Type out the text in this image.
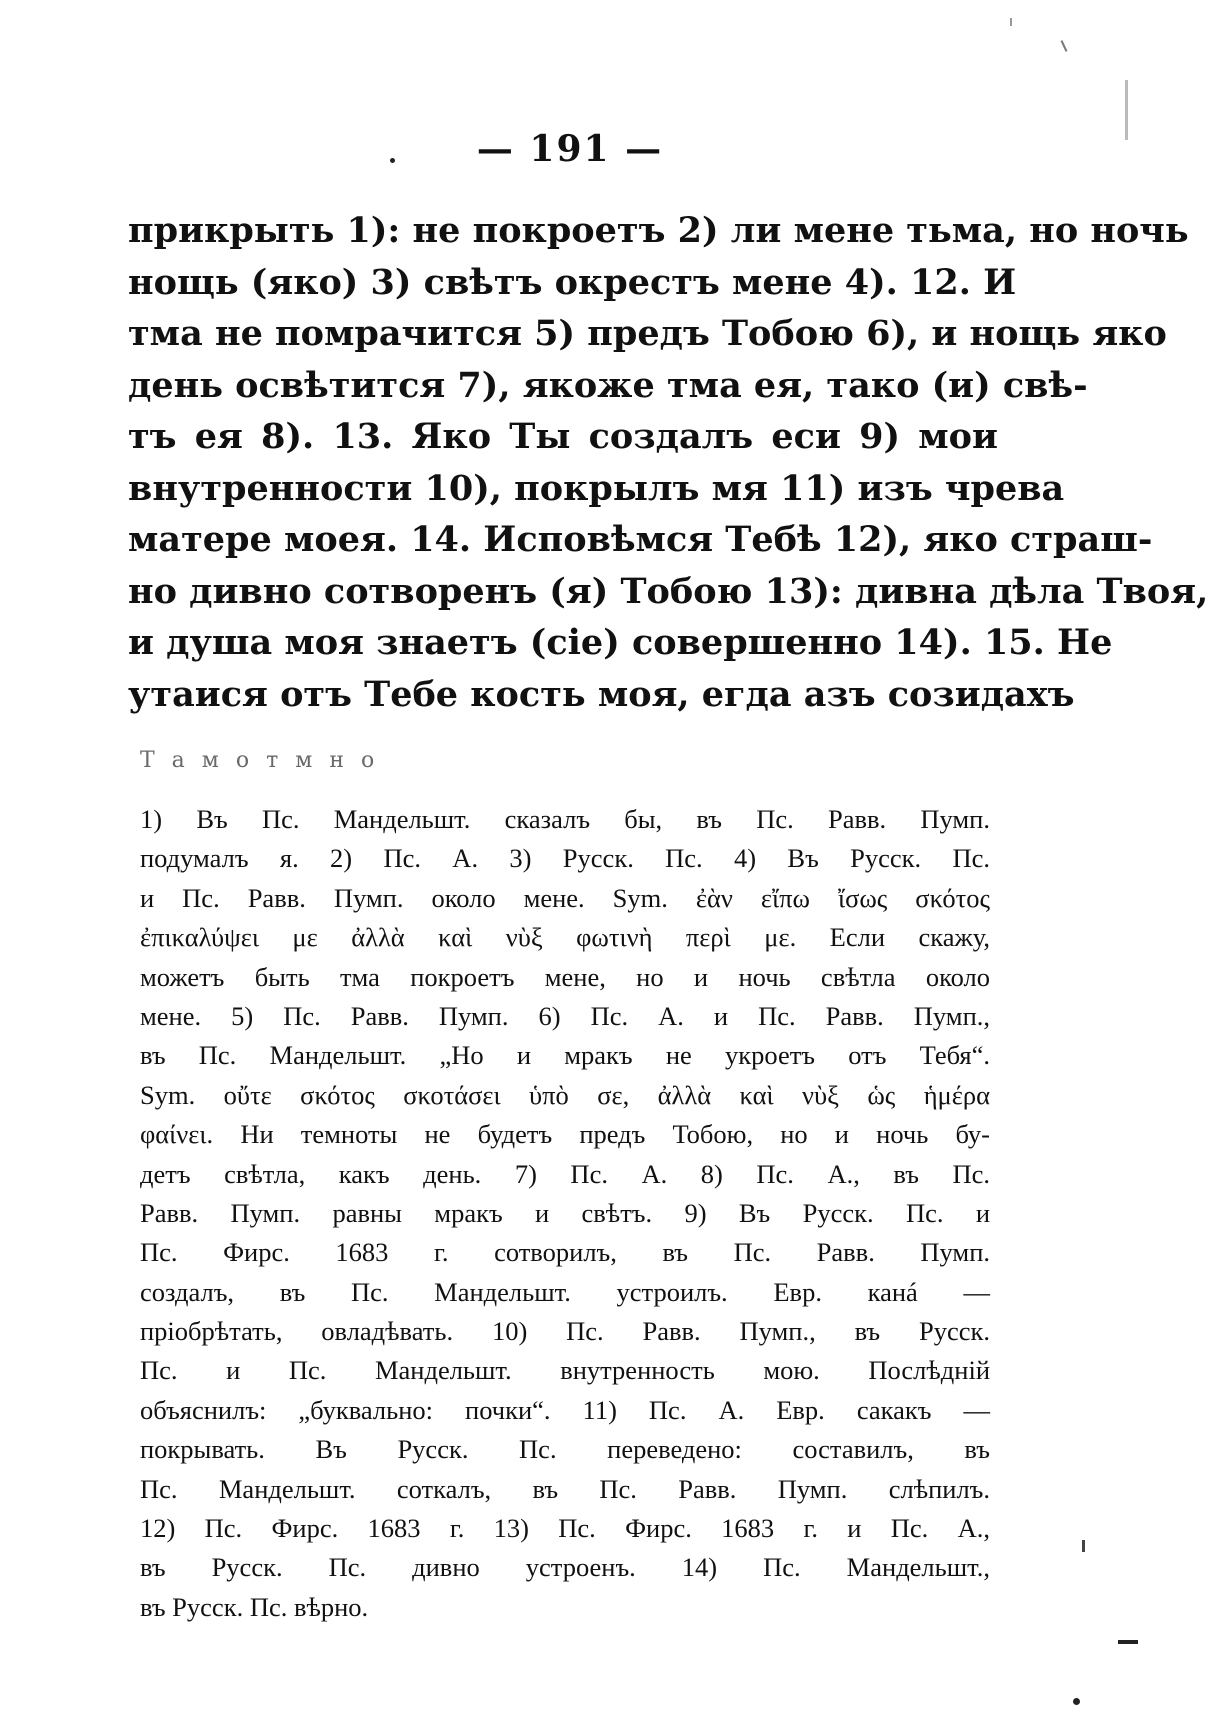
— 191 —
прикрыть 1): не покроетъ 2) ли мене тьма, но ночь
нощь (яко) 3) свѣтъ окрестъ мене 4). 12. И
тма не помрачится 5) предъ Тобою 6), и нощь яко
день освѣтится 7), якоже тма ея, тако (и) свѣ-
тъ ея 8). 13. Яко Ты создалъ еси 9) мои
внутренности 10), покрылъ мя 11) изъ чрева
матере моея. 14. Исповѣмся Тебѣ 12), яко страш-
но дивно сотворенъ (я) Тобою 13): дивна дѣла Твоя,
и душа моя знаетъ (сіе) совершенно 14). 15. Не
утаися отъ Тебе кость моя, егда азъ созидахъ
Т а м о т м н о
1) Въ Пс. Мандельшт. сказалъ бы, въ Пс. Равв. Пумп.
подумалъ я. 2) Пс. А. 3) Русск. Пс. 4) Въ Русск. Пс.
и Пс. Равв. Пумп. около мене. Sym. ἐὰν εἴπω ἴσως σκότος
ἐπικαλύψει με ἀλλὰ καὶ νὺξ φωτινὴ περὶ με. Если скажу,
можетъ быть тма покроетъ мене, но и ночь свѣтла около
мене. 5) Пс. Равв. Пумп. 6) Пс. А. и Пс. Равв. Пумп.,
въ Пс. Мандельшт. „Но и мракъ не укроетъ отъ Тебя“.
Sym. οὔτε σκότος σκοτάσει ὑπὸ σε, ἀλλὰ καὶ νὺξ ὡς ἡμέρα
φαίνει. Ни темноты не будетъ предъ Тобою, но и ночь бу-
детъ свѣтла, какъ день. 7) Пс. А. 8) Пс. А., въ Пс.
Равв. Пумп. равны мракъ и свѣтъ. 9) Въ Русск. Пс. и
Пс. Фирс. 1683 г. сотворилъ, въ Пс. Равв. Пумп.
создалъ, въ Пс. Мандельшт. устроилъ. Евр. канá —
пріобрѣтать, овладѣвать. 10) Пс. Равв. Пумп., въ Русск.
Пс. и Пс. Мандельшт. внутренность мою. Послѣдній
объяснилъ: „буквально: почки“. 11) Пс. А. Евр. сакакъ —
покрывать. Въ Русск. Пс. переведено: составилъ, въ
Пс. Мандельшт. соткалъ, въ Пс. Равв. Пумп. слѣпилъ.
12) Пс. Фирс. 1683 г. 13) Пс. Фирс. 1683 г. и Пс. А.,
въ Русск. Пс. дивно устроенъ. 14) Пс. Мандельшт.,
въ Русск. Пс. вѣрно.
